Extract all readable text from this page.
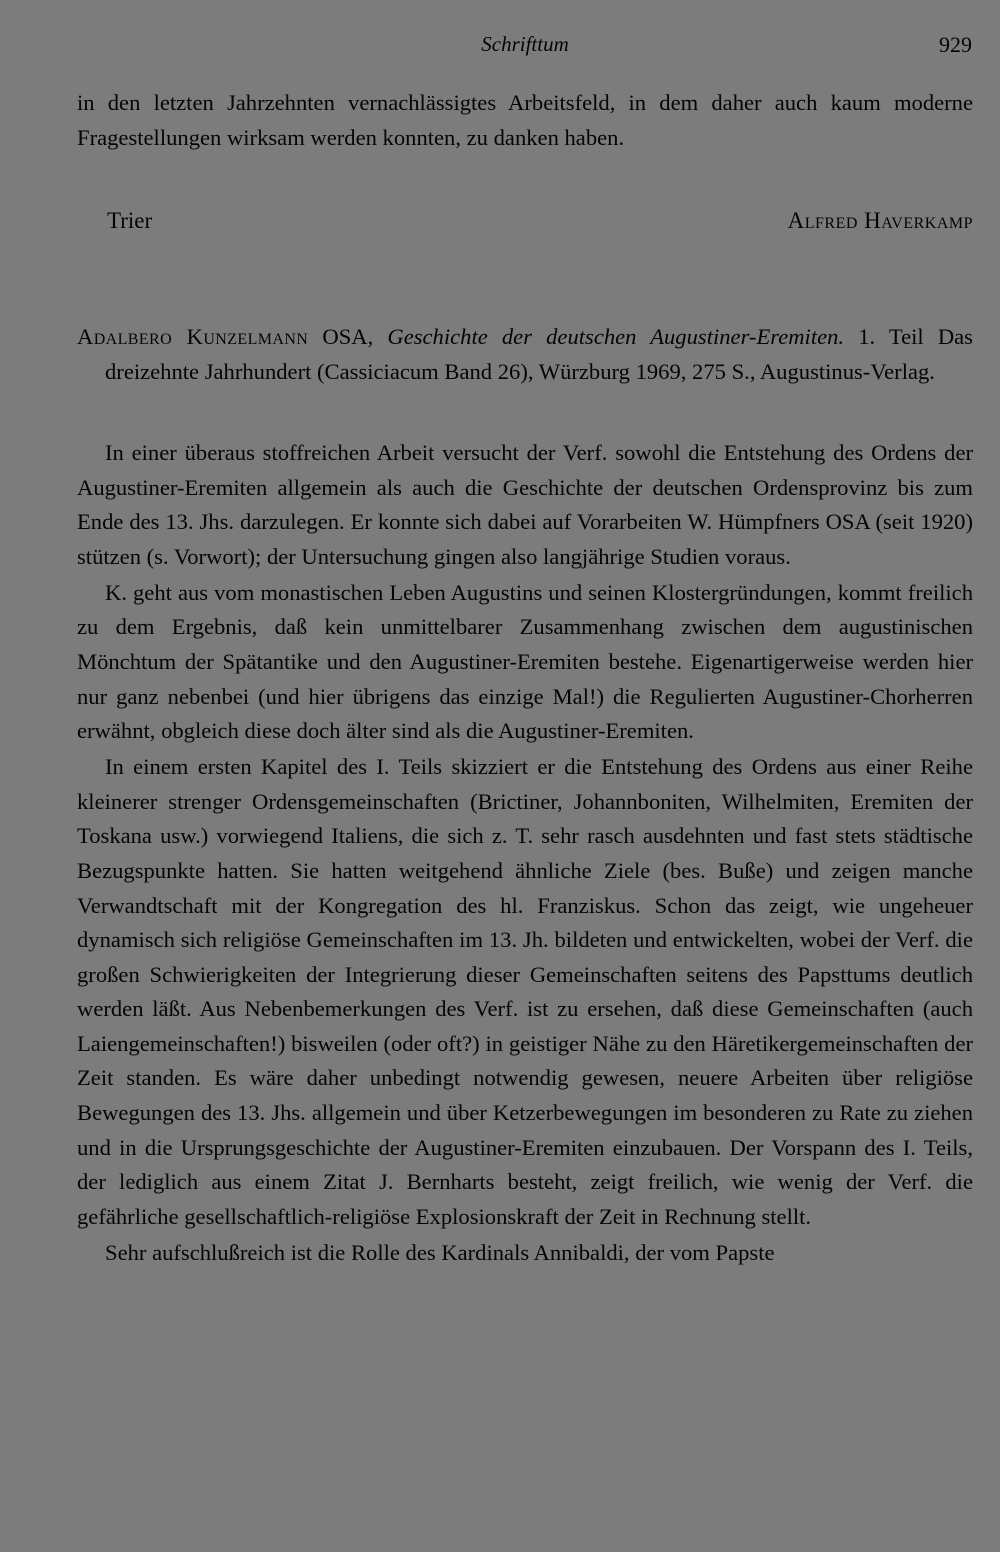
Schrifttum	929

in den letzten Jahrzehnten vernachlässigtes Arbeitsfeld, in dem daher auch kaum moderne Fragestellungen wirksam werden konnten, zu danken haben.

Trier	Alfred Haverkamp

Adalbero Kunzelmann OSA, Geschichte der deutschen Augustiner-Eremiten. 1. Teil Das dreizehnte Jahrhundert (Cassiciacum Band 26), Würzburg 1969, 275 S., Augustinus-Verlag.

In einer überaus stoffreichen Arbeit versucht der Verf. sowohl die Entstehung des Ordens der Augustiner-Eremiten allgemein als auch die Geschichte der deutschen Ordensprovinz bis zum Ende des 13. Jhs. darzulegen. Er konnte sich dabei auf Vorarbeiten W. Hümpfners OSA (seit 1920) stützen (s. Vorwort); der Untersuchung gingen also langjährige Studien voraus.

K. geht aus vom monastischen Leben Augustins und seinen Klostergründungen, kommt freilich zu dem Ergebnis, daß kein unmittelbarer Zusammenhang zwischen dem augustinischen Mönchtum der Spätantike und den Augustiner-Eremiten bestehe. Eigenartigerweise werden hier nur ganz nebenbei (und hier übrigens das einzige Mal!) die Regulierten Augustiner-Chorherren erwähnt, obgleich diese doch älter sind als die Augustiner-Eremiten.

In einem ersten Kapitel des I. Teils skizziert er die Entstehung des Ordens aus einer Reihe kleinerer strenger Ordensgemeinschaften (Brictiner, Johannboniten, Wilhelmiten, Eremiten der Toskana usw.) vorwiegend Italiens, die sich z. T. sehr rasch ausdehnten und fast stets städtische Bezugspunkte hatten. Sie hatten weitgehend ähnliche Ziele (bes. Buße) und zeigen manche Verwandtschaft mit der Kongregation des hl. Franziskus. Schon das zeigt, wie ungeheuer dynamisch sich religiöse Gemeinschaften im 13. Jh. bildeten und entwickelten, wobei der Verf. die großen Schwierigkeiten der Integrierung dieser Gemeinschaften seitens des Papsttums deutlich werden läßt. Aus Nebenbemerkungen des Verf. ist zu ersehen, daß diese Gemeinschaften (auch Laiengemeinschaften!) bisweilen (oder oft?) in geistiger Nähe zu den Häretikergemeinschaften der Zeit standen. Es wäre daher unbedingt notwendig gewesen, neuere Arbeiten über religiöse Bewegungen des 13. Jhs. allgemein und über Ketzerbewegungen im besonderen zu Rate zu ziehen und in die Ursprungsgeschichte der Augustiner-Eremiten einzubauen. Der Vorspann des I. Teils, der lediglich aus einem Zitat J. Bernharts besteht, zeigt freilich, wie wenig der Verf. die gefährliche gesellschaftlich-religiöse Explosionskraft der Zeit in Rechnung stellt.

Sehr aufschlußreich ist die Rolle des Kardinals Annibaldi, der vom Papste
